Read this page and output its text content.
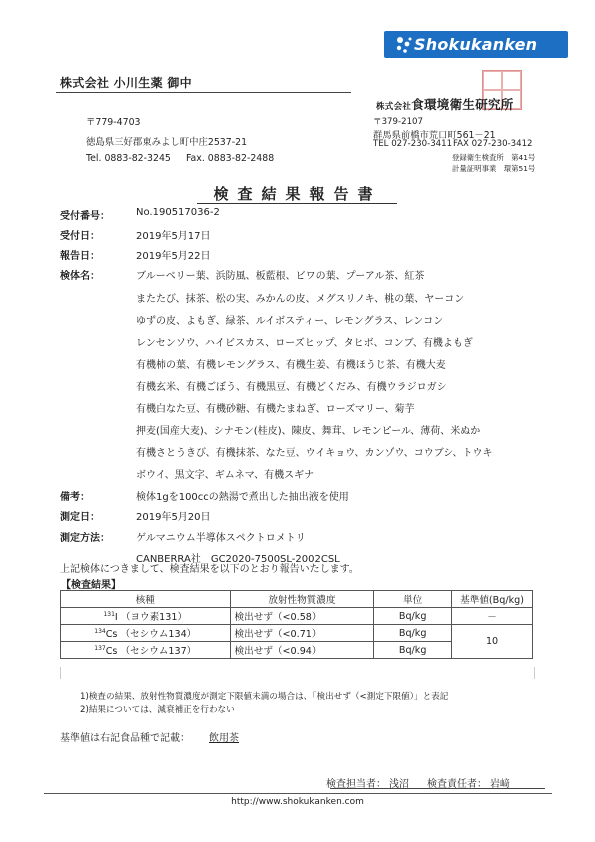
Shokukanken
株式会社 小川生薬 御中
〒779-4703
徳島県三好郡東みよし町中庄2537-21
Tel. 0883-82-3245 Fax. 0883-82-2488
株式会社食環境衛生研究所
〒379-2107
群馬県前橋市荒口町561－21
TEL 027-230-3411 FAX 027-230-3412
登録衛生検査所　第41号
計量証明事業　環第51号
検査結果報告書
受付番号：	No.190517036-2
受付日：	2019年5月17日
報告日：	2019年5月22日
検体名：	ブルーベリー葉、浜防風、板藍根、ビワの葉、プーアル茶、紅茶
またたび、抹茶、松の実、みかんの皮、メグスリノキ、桃の葉、ヤーコン
ゆずの皮、よもぎ、緑茶、ルイボスティー、レモングラス、レンコン
レンセンソウ、ハイビスカス、ローズヒップ、タヒボ、コンブ、有機よもぎ
有機柿の葉、有機レモングラス、有機生姜、有機ほうじ茶、有機大麦
有機玄米、有機ごぼう、有機黒豆、有機どくだみ、有機ウラジロガシ
有機白なた豆、有機砂糖、有機たまねぎ、ローズマリー、菊芋
押麦(国産大麦)、シナモン(桂皮)、陳皮、舞茸、レモンピール、薄荷、米ぬか
有機さとうきび、有機抹茶、なた豆、ウイキョウ、カンゾウ、コウブシ、トウキ
ボウイ、黒文字、ギムネマ、有機スギナ
備考：	検体1gを100ccの熱湯で煮出した抽出液を使用
測定日：	2019年5月20日
測定方法：	ゲルマニウム半導体スペクトロメトリ
CANBERRA社　GC2020-7500SL-2002CSL
上記検体につきまして、検査結果を以下のとおり報告いたします。
【検査結果】
核種	放射性物質濃度	単位	基準値(Bq/kg)
$^{131}$I （ヨウ素131）	検出せず（<0.58）	Bq/kg	－
$^{134}$Cs （セシウム134）	検出せず（<0.71）	Bq/kg	10
$^{137}$Cs （セシウム137）	検出せず（<0.94）	Bq/kg	
1)検査の結果、放射性物質濃度が測定下限値未満の場合は、「検出せず（<測定下限値）」と表記
2)結果については、減衰補正を行わない
基準値は右記食品種で記載： 飲用茶
検査担当者： 浅沼 検査責任者： 岩﨑
http://www.shokukanken.com
